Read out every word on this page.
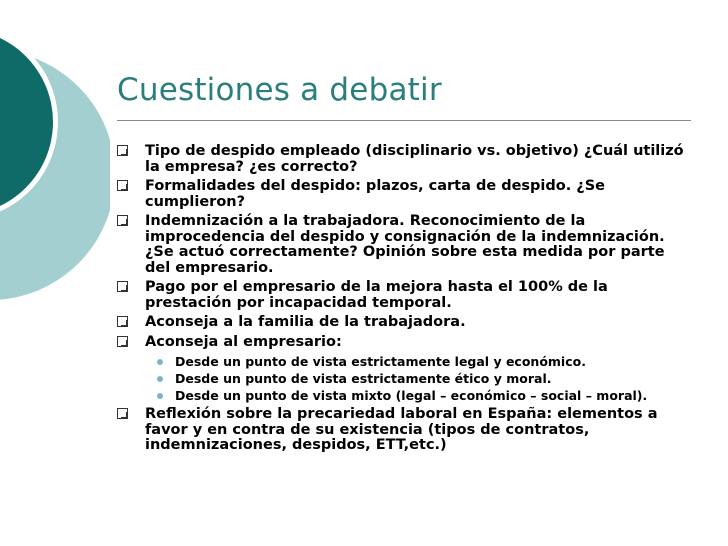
Cuestiones a debatir
Tipo de despido empleado (disciplinario vs. objetivo) ¿Cuál utilizó la empresa? ¿es correcto?
Formalidades del despido: plazos, carta de despido. ¿Se cumplieron?
Indemnización a la trabajadora. Reconocimiento de la improcedencia del despido y consignación de la indemnización. ¿Se actuó correctamente? Opinión sobre esta medida por parte del empresario.
Pago por el empresario de la mejora hasta el 100% de la prestación por incapacidad temporal.
Aconseja a la familia de la trabajadora.
Aconseja al empresario:
Desde un punto de vista estrictamente legal y económico.
Desde un punto de vista estrictamente ético y moral.
Desde un punto de vista mixto (legal – económico – social – moral).
Reflexión sobre la precariedad laboral en España: elementos a favor y en contra de su existencia (tipos de contratos, indemnizaciones, despidos, ETT,etc.)
